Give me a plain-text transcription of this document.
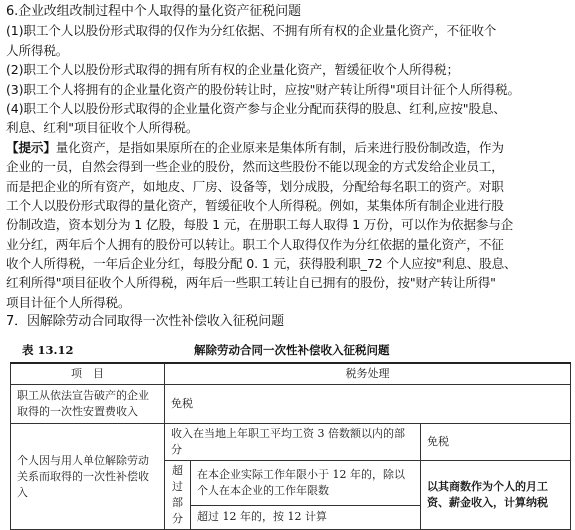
6.企业改组改制过程中个人取得的量化资产征税问题
(1)职工个人以股份形式取得的仅作为分红依据、不拥有所有权的企业量化资产，不征收个
人所得税。
(2)职工个人以股份形式取得的拥有所有权的企业量化资产，暂缓征收个人所得税；
(3)职工个人将拥有的企业量化资产的股份转让时，应按"财产转让所得"项目计征个人所得税。
(4)职工个人以股份形式取得的企业量化资产参与企业分配而获得的股息、红利,应按"股息、
利息、红利"项目征收个人所得税。
【提示】量化资产，是指如果原所在的企业原来是集体所有制，后来进行股份制改造，作为
企业的一员，自然会得到一些企业的股份，然而这些股份不能以现金的方式发给企业员工，
而是把企业的所有资产，如地皮、厂房、设备等，划分成股，分配给每名职工的资产。对职
工个人以股份形式取得的量化资产，暂缓征收个人所得税。例如，某集体所有制企业进行股
份制改造，资本划分为 1 亿股，每股 1 元，在册职工每人取得 1 万份，可以作为依据参与企
业分红，两年后个人拥有的股份可以转让。职工个人取得仅作为分红依据的量化资产，不征
收个人所得税，一年后企业分红，每股分配 0. 1 元，获得股利职_72 个人应按"利息、股息、
红利所得"项目征收个人所得税，两年后一些职工转让自已拥有的股份，按"财产转让所得"
项目计征个人所得税。
7．因解除劳动合同取得一次性补偿收入征税问题
表 13.12	解除劳动合同一次性补偿收入征税问题
项　目	税务处理		
职工从依法宣告破产的企业取得的一次性安置费收入	免税		
个人因与用人单位解除劳动关系而取得的一次性补偿收入	收入在当地上年职工平均工资 3 倍数额以内的部分		免税
	超过部分	在本企业实际工作年限小于 12 年的，除以个人在本企业的工作年限数	以其商数作为个人的月工资、薪金收入，计算纳税
		超过 12 年的，按 12 计算	
